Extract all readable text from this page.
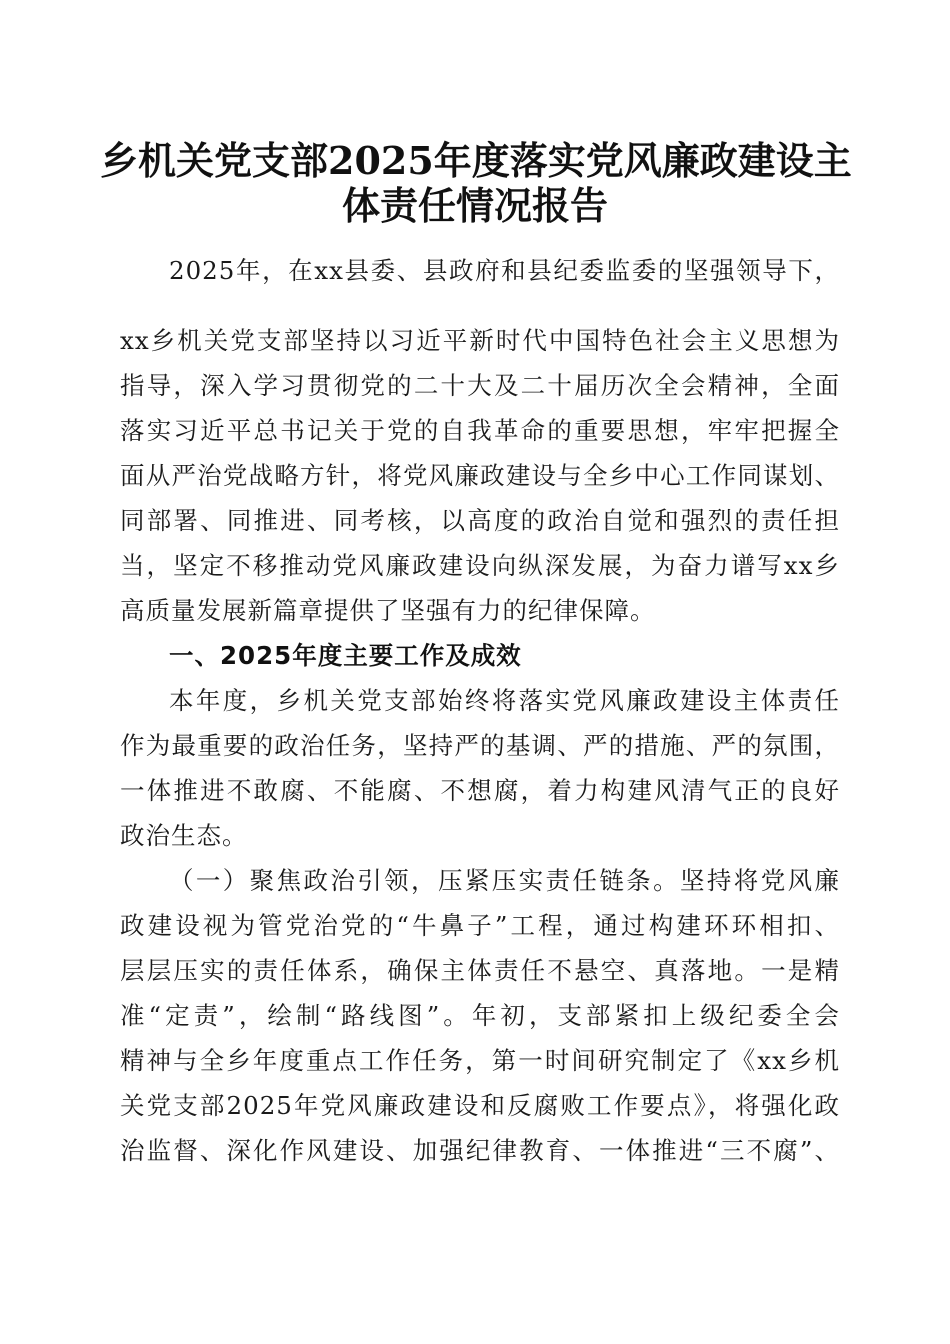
乡机关党支部2025年度落实党风廉政建设主
体责任情况报告
2025年，在xx县委、县政府和县纪委监委的坚强领导下，
xx乡机关党支部坚持以习近平新时代中国特色社会主义思想为
指导，深入学习贯彻党的二十大及二十届历次全会精神，全面
落实习近平总书记关于党的自我革命的重要思想，牢牢把握全
面从严治党战略方针，将党风廉政建设与全乡中心工作同谋划、
同部署、同推进、同考核，以高度的政治自觉和强烈的责任担
当，坚定不移推动党风廉政建设向纵深发展，为奋力谱写xx乡
高质量发展新篇章提供了坚强有力的纪律保障。
一、2025年度主要工作及成效
本年度，乡机关党支部始终将落实党风廉政建设主体责任
作为最重要的政治任务，坚持严的基调、严的措施、严的氛围，
一体推进不敢腐、不能腐、不想腐，着力构建风清气正的良好
政治生态。
（一）聚焦政治引领，压紧压实责任链条。坚持将党风廉
政建设视为管党治党的“牛鼻子”工程，通过构建环环相扣、
层层压实的责任体系，确保主体责任不悬空、真落地。一是精
准“定责”，绘制“路线图”。年初，支部紧扣上级纪委全会
精神与全乡年度重点工作任务，第一时间研究制定了《xx乡机
关党支部2025年党风廉政建设和反腐败工作要点》，将强化政
治监督、深化作风建设、加强纪律教育、一体推进“三不腐”、
